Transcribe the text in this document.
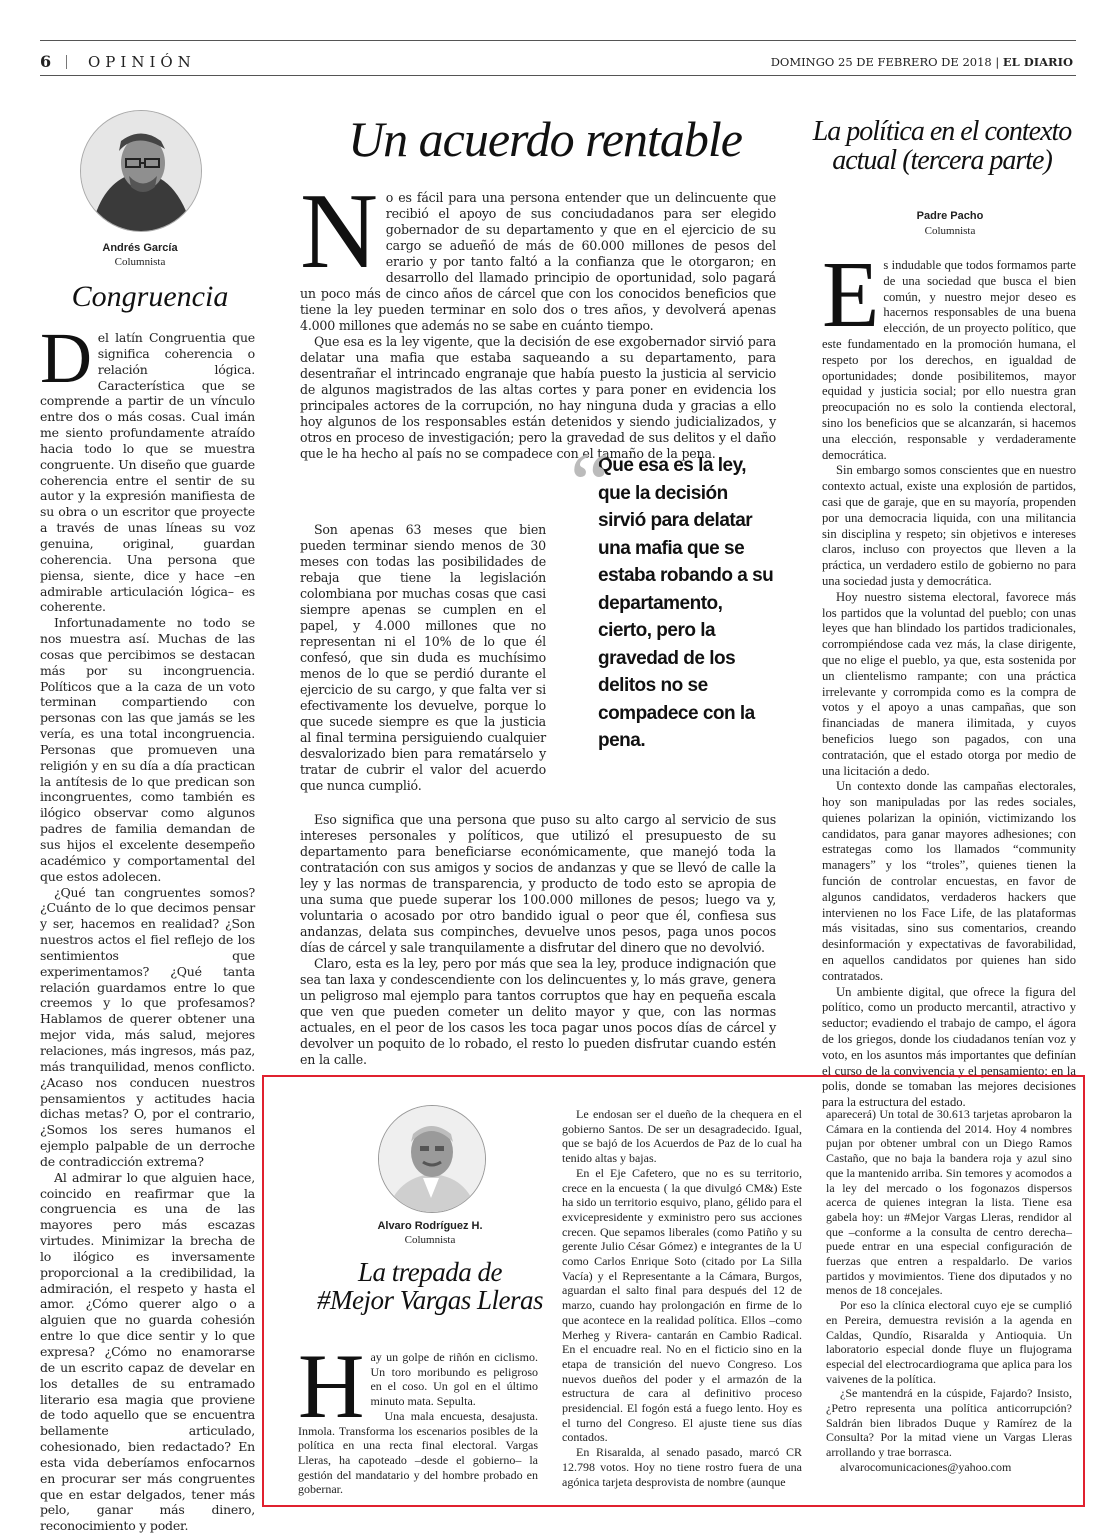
6 OPINIÓN	DOMINGO 25 DE FEBRERO DE 2018 | EL DIARIO
Andrés García
Columnista
Congruencia
D el latín Congruentia que significa coherencia o relación lógica. Característica que se comprende a partir de un vínculo entre dos o más cosas. Cual imán me siento profundamente atraído hacia todo lo que se muestra congruente. Un diseño que guarde coherencia entre el sentir de su autor y la expresión manifiesta de su obra o un escritor que proyecte a través de unas líneas su voz genuina, original, guardan coherencia. Una persona que piensa, siente, dice y hace –en admirable articulación lógica– es coherente.

Infortunadamente no todo se nos muestra así. Muchas de las cosas que percibimos se destacan más por su incongruencia. Políticos que a la caza de un voto terminan compartiendo con personas con las que jamás se les vería, es una total incongruencia. Personas que promueven una religión y en su día a día practican la antítesis de lo que predican son incongruentes, como también es ilógico observar como algunos padres de familia demandan de sus hijos el excelente desempeño académico y comportamental del que estos adolecen.

¿Qué tan congruentes somos? ¿Cuánto de lo que decimos pensar y ser, hacemos en realidad? ¿Son nuestros actos el fiel reflejo de los sentimientos que experimentamos? ¿Qué tanta relación guardamos entre lo que creemos y lo que profesamos? Hablamos de querer obtener una mejor vida, más salud, mejores relaciones, más ingresos, más paz, más tranquilidad, menos conflicto. ¿Acaso nos conducen nuestros pensamientos y actitudes hacia dichas metas? O, por el contrario, ¿Somos los seres humanos el ejemplo palpable de un derroche de contradicción extrema?

Al admirar lo que alguien hace, coincido en reafirmar que la congruencia es una de las mayores pero más escazas virtudes. Minimizar la brecha de lo ilógico es inversamente proporcional a la credibilidad, la admiración, el respeto y hasta el amor. ¿Cómo querer algo o a alguien que no guarda cohesión entre lo que dice sentir y lo que expresa? ¿Cómo no enamorarse de un escrito capaz de develar en los detalles de su entramado literario esa magia que proviene de todo aquello que se encuentra bellamente articulado, cohesionado, bien redactado? En esta vida deberíamos enfocarnos en procurar ser más congruentes que en estar delgados, tener más pelo, ganar más dinero, reconocimiento y poder.

Un acuerdo rentable
N o es fácil para una persona entender que un delincuente que recibió el apoyo de sus conciudadanos para ser elegido gobernador de su departamento y que en el ejercicio de su cargo se adueñó de más de 60.000 millones de pesos del erario y por tanto faltó a la confianza que le otorgaron; en desarrollo del llamado principio de oportunidad, solo pagará un poco más de cinco años de cárcel que con los conocidos beneficios que tiene la ley pueden terminar en solo dos o tres años, y devolverá apenas 4.000 millones que además no se sabe en cuánto tiempo.

Que esa es la ley vigente, que la decisión de ese exgobernador sirvió para delatar una mafia que estaba saqueando a su departamento, para desentrañar el intrincado engranaje que había puesto la justicia al servicio de algunos magistrados de las altas cortes y para poner en evidencia los principales actores de la corrupción, no hay ninguna duda y gracias a ello hoy algunos de los responsables están detenidos y siendo judicializados, y otros en proceso de investigación; pero la gravedad de sus delitos y el daño que le ha hecho al país no se compadece con el tamaño de la pena.

Son apenas 63 meses que bien pueden terminar siendo menos de 30 meses con todas las posibilidades de rebaja que tiene la legislación colombiana por muchas cosas que casi siempre apenas se cumplen en el papel, y 4.000 millones que no representan ni el 10% de lo que él confesó, que sin duda es muchísimo menos de lo que se perdió durante el ejercicio de su cargo, y que falta ver si efectivamente los devuelve, porque lo que sucede siempre es que la justicia al final termina persiguiendo cualquier desvalorizado bien para rematárselo y tratar de cubrir el valor del acuerdo que nunca cumplió.

“
Que esa es la ley, que la decisión sirvió para delatar una mafia que se estaba robando a su departamento, cierto, pero la gravedad de los delitos no se compadece con la pena.

Eso significa que una persona que puso su alto cargo al servicio de sus intereses personales y políticos, que utilizó el presupuesto de su departamento para beneficiarse económicamente, que manejó toda la contratación con sus amigos y socios de andanzas y que se llevó de calle la ley y las normas de transparencia, y producto de todo esto se apropia de una suma que puede superar los 100.000 millones de pesos; luego va y, voluntaria o acosado por otro bandido igual o peor que él, confiesa sus andanzas, delata sus compinches, devuelve unos pesos, paga unos pocos días de cárcel y sale tranquilamente a disfrutar del dinero que no devolvió.

Claro, esta es la ley, pero por más que sea la ley, produce indignación que sea tan laxa y condescendiente con los delincuentes y, lo más grave, genera un peligroso mal ejemplo para tantos corruptos que hay en pequeña escala que ven que pueden cometer un delito mayor y que, con las normas actuales, en el peor de los casos les toca pagar unos pocos días de cárcel y devolver un poquito de lo robado, el resto lo pueden disfrutar cuando estén en la calle.

La política en el contexto actual (tercera parte)
Padre Pacho
Columnista
E s indudable que todos formamos parte de una sociedad que busca el bien común, y nuestro mejor deseo es hacernos responsables de una buena elección, de un proyecto político, que este fundamentado en la promoción humana, el respeto por los derechos, en igualdad de oportunidades; donde posibilitemos, mayor equidad y justicia social; por ello nuestra gran preocupación no es solo la contienda electoral, sino los beneficios que se alcanzarán, si hacemos una elección, responsable y verdaderamente democrática.

Sin embargo somos conscientes que en nuestro contexto actual, existe una explosión de partidos, casi que de garaje, que en su mayoría, propenden por una democracia liquida, con una militancia sin disciplina y respeto; sin objetivos e intereses claros, incluso con proyectos que lleven a la práctica, un verdadero estilo de gobierno no para una sociedad justa y democrática.

Hoy nuestro sistema electoral, favorece más los partidos que la voluntad del pueblo; con unas leyes que han blindado los partidos tradicionales, corrompiéndose cada vez más, la clase dirigente, que no elige el pueblo, ya que, esta sostenida por un clientelismo rampante; con una práctica irrelevante y corrompida como es la compra de votos y el apoyo a unas campañas, que son financiadas de manera ilimitada, y cuyos beneficios luego son pagados, con una contratación, que el estado otorga por medio de una licitación a dedo.

Un contexto donde las campañas electorales, hoy son manipuladas por las redes sociales, quienes polarizan la opinión, victimizando los candidatos, para ganar mayores adhesiones; con estrategas como los llamados “community managers” y los “troles”, quienes tienen la función de controlar encuestas, en favor de algunos candidatos, verdaderos hackers que intervienen no los Face Life, de las plataformas más visitadas, sino sus comentarios, creando desinformación y expectativas de favorabilidad, en aquellos candidatos por quienes han sido contratados.

Un ambiente digital, que ofrece la figura del político, como un producto mercantil, atractivo y seductor; evadiendo el trabajo de campo, el ágora de los griegos, donde los ciudadanos tenían voz y voto, en los asuntos más importantes que definían el curso de la convivencia y el pensamiento; en la polis, donde se tomaban las mejores decisiones para la estructura del estado.

Alvaro Rodríguez H.
Columnista
La trepada de
#Mejor Vargas Lleras
H ay un golpe de riñón en ciclismo. Un toro moribundo es peligroso en el coso. Un gol en el último minuto mata. Sepulta.

Una mala encuesta, desajusta. Inmola. Transforma los escenarios posibles de la política en una recta final electoral. Vargas Lleras, ha capoteado –desde el gobierno– la gestión del mandatario y del hombre probado en gobernar.

Le endosan ser el dueño de la chequera en el gobierno Santos. De ser un desagradecido. Igual, que se bajó de los Acuerdos de Paz de lo cual ha tenido altas y bajas.

En el Eje Cafetero, que no es su territorio, crece en la encuesta ( la que divulgó CM&) Este ha sido un territorio esquivo, plano, gélido para el exvicepresidente y exministro pero sus acciones crecen. Que sepamos liberales (como Patiño y su gerente Julio César Gómez) e integrantes de la U como Carlos Enrique Soto (citado por La Silla Vacía) y el Representante a la Cámara, Burgos, aguardan el salto final para después del 12 de marzo, cuando hay prolongación en firme de lo que acontece en la realidad política. Ellos –como Merheg y Rivera- cantarán en Cambio Radical. En el encuadre real. No en el ficticio sino en la etapa de transición del nuevo Congreso. Los nuevos dueños del poder y el armazón de la estructura de cara al definitivo proceso presidencial. El fogón está a fuego lento. Hoy es el turno del Congreso. El ajuste tiene sus días contados.

En Risaralda, al senado pasado, marcó CR 12.798 votos. Hoy no tiene rostro fuera de una agónica tarjeta desprovista de nombre (aunque

aparecerá) Un total de 30.613 tarjetas aprobaron la Cámara en la contienda del 2014. Hoy 4 nombres pujan por obtener umbral con un Diego Ramos Castaño, que no baja la bandera roja y azul sino que la mantenido arriba. Sin temores y acomodos a la ley del mercado o los fogonazos dispersos acerca de quienes integran la lista. Tiene esa gabela hoy: un #Mejor Vargas Lleras, rendidor al que –conforme a la consulta de centro derecha– puede entrar en una especial configuración de fuerzas que entren a respaldarlo. De varios partidos y movimientos. Tiene dos diputados y no menos de 18 concejales.

Por eso la clínica electoral cuyo eje se cumplió en Pereira, demuestra revisión a la agenda en Caldas, Qundío, Risaralda y Antioquia. Un laboratorio especial donde fluye un flujograma especial del electrocardiograma que aplica para los vaivenes de la política.

¿Se mantendrá en la cúspide, Fajardo? Insisto, ¿Petro representa una política anticorrupción? Saldrán bien librados Duque y Ramírez de la Consulta? Por la mitad viene un Vargas Lleras arrollando y trae borrasca.

alvarocomunicaciones@yahoo.com
